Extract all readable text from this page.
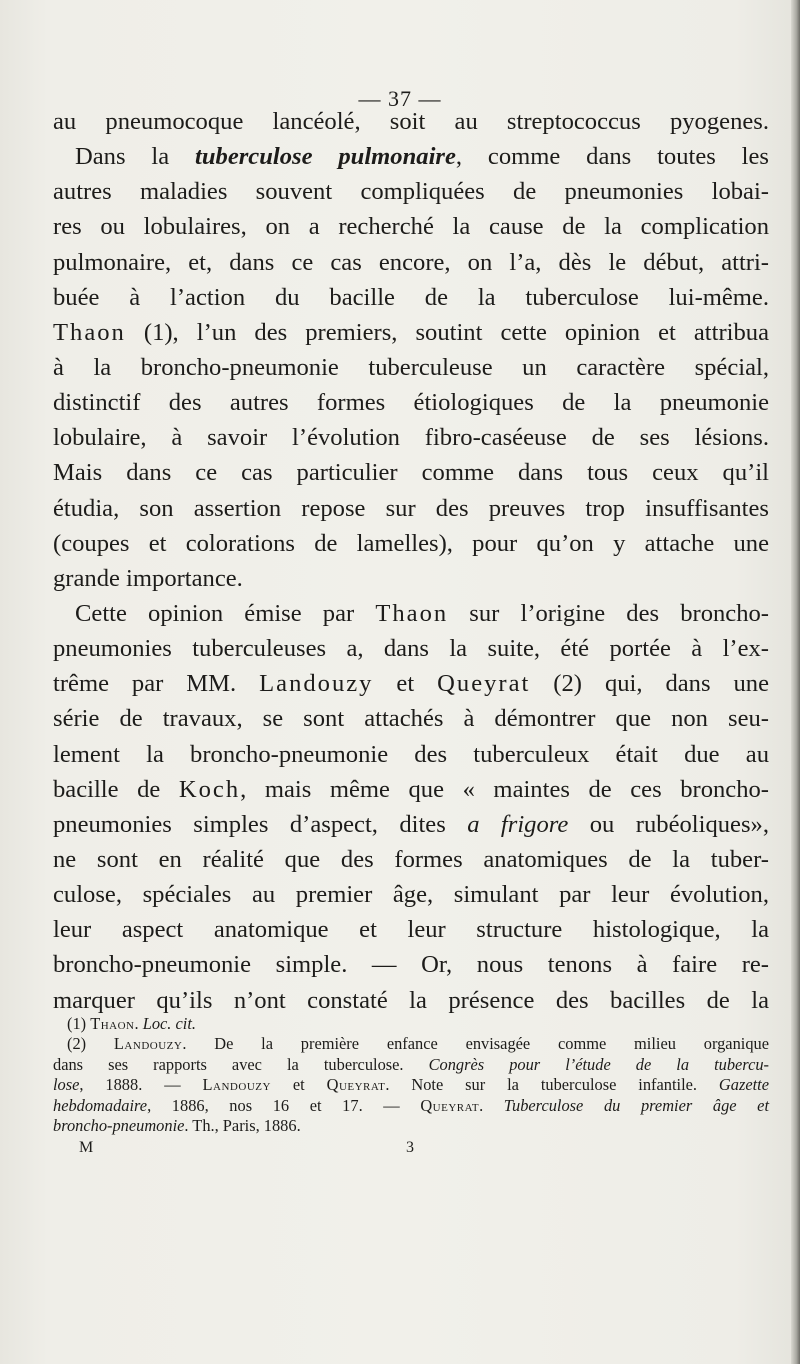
— 37 —
au pneumocoque lancéolé, soit au streptococcus pyogenes.
Dans la tuberculose pulmonaire, comme dans toutes les
autres maladies souvent compliquées de pneumonies lobai-
res ou lobulaires, on a recherché la cause de la complication
pulmonaire, et, dans ce cas encore, on l’a, dès le début, attri-
buée à l’action du bacille de la tuberculose lui-même.
Thaon (1), l’un des premiers, soutint cette opinion et attribua
à la broncho-pneumonie tuberculeuse un caractère spécial,
distinctif des autres formes étiologiques de la pneumonie
lobulaire, à savoir l’évolution fibro-caséeuse de ses lésions.
Mais dans ce cas particulier comme dans tous ceux qu’il
étudia, son assertion repose sur des preuves trop insuffisantes
(coupes et colorations de lamelles), pour qu’on y attache une
grande importance.
Cette opinion émise par Thaon sur l’origine des broncho-
pneumonies tuberculeuses a, dans la suite, été portée à l’ex-
trême par MM. Landouzy et Queyrat (2) qui, dans une
série de travaux, se sont attachés à démontrer que non seu-
lement la broncho-pneumonie des tuberculeux était due au
bacille de Koch, mais même que « maintes de ces broncho-
pneumonies simples d’aspect, dites a frigore ou rubéoliques»,
ne sont en réalité que des formes anatomiques de la tuber-
culose, spéciales au premier âge, simulant par leur évolution,
leur aspect anatomique et leur structure histologique, la
broncho-pneumonie simple. — Or, nous tenons à faire re-
marquer qu’ils n’ont constaté la présence des bacilles de la
(1) Thaon. Loc. cit.
(2) Landouzy. De la première enfance envisagée comme milieu organique
dans ses rapports avec la tuberculose. Congrès pour l’étude de la tubercu-
lose, 1888. — Landouzy et Queyrat. Note sur la tuberculose infantile. Gazette
hebdomadaire, 1886, nos 16 et 17. — Queyrat. Tuberculose du premier âge et
broncho-pneumonie. Th., Paris, 1886.
M	3
